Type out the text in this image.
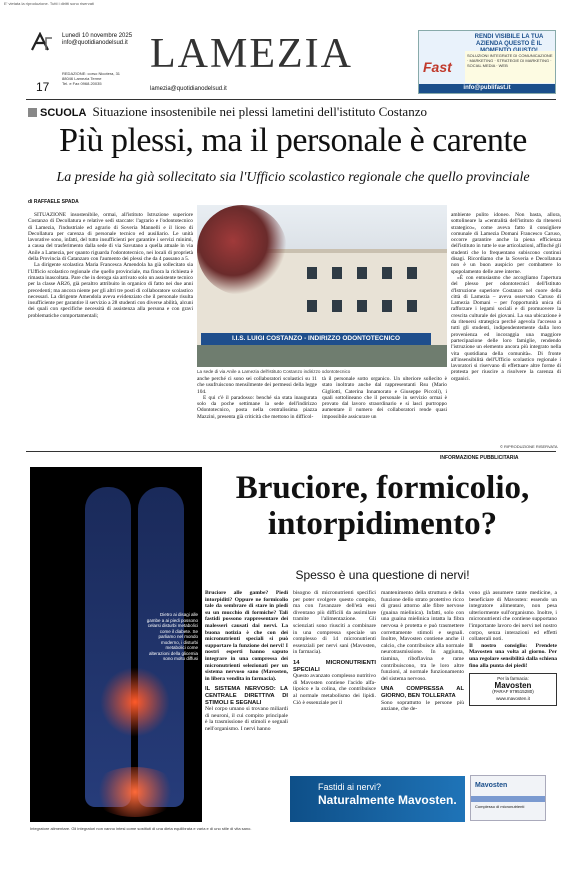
E' vietata la riproduzione. Tutti i diritti sono riservati
Lunedì 10 novembre 2025
info@quotidianodelsud.it
17
REDAZIONE: corso Nicotera, 31
88046 Lamezia Terme
Tel. e Fax 0968.20035
LAMEZIA
lamezia@quotidianodelsud.it
RENDI VISIBILE LA TUA AZIENDA QUESTO È IL
Fast
SOLUZIONI INTEGRATE DI COMUNICAZIONE · MARKETING · STRATEGIE DI MARKETING · SOCIAL MEDIA · WEB
info@publifast.it
SCUOLA Situazione insostenibile nei plessi lametini dell'istituto Costanzo
Più plessi, ma il personale è carente
La preside ha già sollecitato sia l'Ufficio scolastico regionale che quello provinciale
di RAFFAELE SPADA

SITUAZIONE insostenibile, ormai, all'istituto Istruzione superiore Costanzo di Decollatura e relative sedi staccate: l'agrario e l'odontotecnico di Lamezia, l'industriale ed agrario di Soveria Mannelli e il liceo di Decollatura per carenza di personale tecnico ed ausiliario. Le unità lavorative sono, infatti, del tutto insufficienti per garantire i servizi minimi, a causa del trasferimento dalla sede di via Savutano a quella attuale in via Anile a Lamezia, per quanto riguarda l'odontotecnico, nei locali di proprietà della Provincia di Catanzaro con l'aumento dei plessi che da 4 passano a 5.

La dirigente scolastica Maria Francesca Amendola ha già sollecitato sia l'Ufficio scolastico regionale che quello provinciale, ma finora la richiesta è rimasta inascoltata. Pare che in deroga sia arrivato solo un assistente tecnico per la classe AR26, già peraltro attribuito in organico di fatto nei due anni precedenti; ma ancora niente per gli altri tre posti di collaboratore scolastico necessari. La dirigente Amendola aveva evidenziato che il personale risulta insufficiente per garantire il servizio a 28 studenti con diverse abilità, alcuni dei quali con specifiche necessità di assistenza alla persona e con gravi problematiche comportamentali;

I.I.S. LUIGI COSTANZO - INDIRIZZO ODONTOTECNICO
La sede di via Anile a Lamezia dell'istituto Costanzo indirizzo odontotecnico

anche perché ci sono sei collaboratori scolastici su 11 che usufruiscono mensilmente dei permessi della legge 104.

E qui c'è il paradosso: benché sia stata inaugurata solo da poche settimane la sede dell'indirizzo Odontotecnico, posta nella centralissima piazza Mazzini, presenta già criticità che mettono in difficol-

tà il personale sotto organico. Un ulteriore sollecito è stato inoltrato anche dal rappresentanti Rsu (Mario Gigliotti, Caterina Innamorato e Giuseppe Piccoli), i quali sottolineano che il personale in servizio ormai è provato dal lavoro straordinario e si lasci purtroppo aumentare il numero dei collaboratori rende quasi impossibile assicurare un

ambiente pulito idoneo. Non basta, allora, sottolineare la «centralità dell'istituto da ritenersi strategico», come aveva fatto il consigliere comunale di Lamezia Domani Francesco Caruso, occorre garantire anche la piena efficienza dell'istituto in tutte le sue articolazioni, affinché gli studenti che lo frequentano subiscono continui disagi. Ricordiamo che la Soveria e Decollatura non è un buon auspicio per combattere lo spopolamento delle aree interne.

«È con entusiasmo che accogliamo l'apertura del plesso per odontotecnici dell'Istituto d'Istruzione superiore Costanzo nel cuore della città di Lamezia – aveva osservato Caruso di Lamezia Domani – per l'opportunità unica di rafforzare i legami sociali e di promuovere la crescita culturale dei giovani. La sua ubicazione è da ritenersi strategica perché agevola l'accesso a tutti gli studenti, indipendentemente dalla loro provenienza ed incoraggia una maggiore partecipazione delle loro famiglie, rendendo l'istruzione un elemento ancora più integrato nella vita quotidiana della comunità». Di fronte all'insensibilità dell'Ufficio scolastico regionale i lavoratori si riservano di effettuare altre forme di protesta per riuscire a risolvere la carenza di organici.

© RIPRODUZIONE RISERVATA
INFORMAZIONE PUBBLICITARIA
Dietro ai disagi alle gambe a ai piedi possono celarsi disturbi metabolici come il diabete. Se parliamo nel mondo moderno, i disturbi metabolici come alterazioni della glicemia sono molto diffusi
Bruciore, formicolio, intorpidimento?
Spesso è una questione di nervi!
Bruciore alle gambe? Piedi intorpiditi? Oppure ne formicolio tale da sembrare di stare in piedi su un mucchio di formiche? Tali fastidi possono rappresentare dei malesseri causati dai nervi. La buona notizia è che con dei micronutrienti speciali si può supportare la funzione dei nervi! I nostri esperti hanno saputo integrare in una compressa dei micronutrienti selezionati per un sistema nervoso sano (Mavosten, in libera vendita in farmacia).
IL SISTEMA NERVOSO: LA CENTRALE DIRETTIVA DI STIMOLI E SEGNALI
Nel corpo umano si trovano miliardi di neuroni, il cui compito principale è la trasmissione di stimoli e segnali nell'organismo. I nervi hanno
bisogno di micronutrienti specifici per poter svolgere questo compito, ma con l'avanzare dell'età essi diventano più difficili da assimilare tramite l'alimentazione. Gli scienziati sono riusciti a combinare in una compressa speciale un complesso di 14 micronutrienti essenziali per nervi sani (Mavosten, in farmacia).
14 MICRONUTRIENTI SPECIALI
Questo avanzato complesso nutritivo di Mavosten contiene l'acido alfa-lipoico e la colina, che contribuisce al normale metabolismo dei lipidi. Ciò è essenziale per il
mantenimento della struttura e della funzione dello strato protettivo ricco di grassi attorno alle fibre nervose (guaina mielinica). Infatti, solo con una guaina mielinica intatta la fibra nervosa è protetta e può trasmettere correttamente stimoli e segnali. Inoltre, Mavosten contiene anche il calcio, che contribuisce alla normale neurotrasmissione. In aggiunta, tiamina, riboflavina e rame contribuiscono, tra le loro altre funzioni, al normale funzionamento del sistema nervoso.
UNA COMPRESSA AL GIORNO, BEN TOLLERATA
Sono soprattutto le persone più anziane, che de-
vono già assumere tante medicine, a beneficiare di Mavosten: essendo un integratore alimentare, non pesa ulteriormente sull'organismo. Inoltre, i micronutrienti che contiene supportano l'importante lavoro dei nervi nel nostro corpo, senza interazioni ed effetti collaterali noti.
Il nostro consiglio: Prendete Mavosten una volta al giorno. Per una regolare sensibilità dalla schiena fino alla punta dei piedi!
Per la farmacia:
Mavosten
(PARAF 979515280)
www.mavosten.it
Fastidi ai nervi?
Naturalmente Mavosten.
Mavosten
Complesso di micronutrienti
Integratore alimentare. Gli integratori non vanno intesi come sostituti di una dieta equilibrata e varia e di uno stile di vita sano.
